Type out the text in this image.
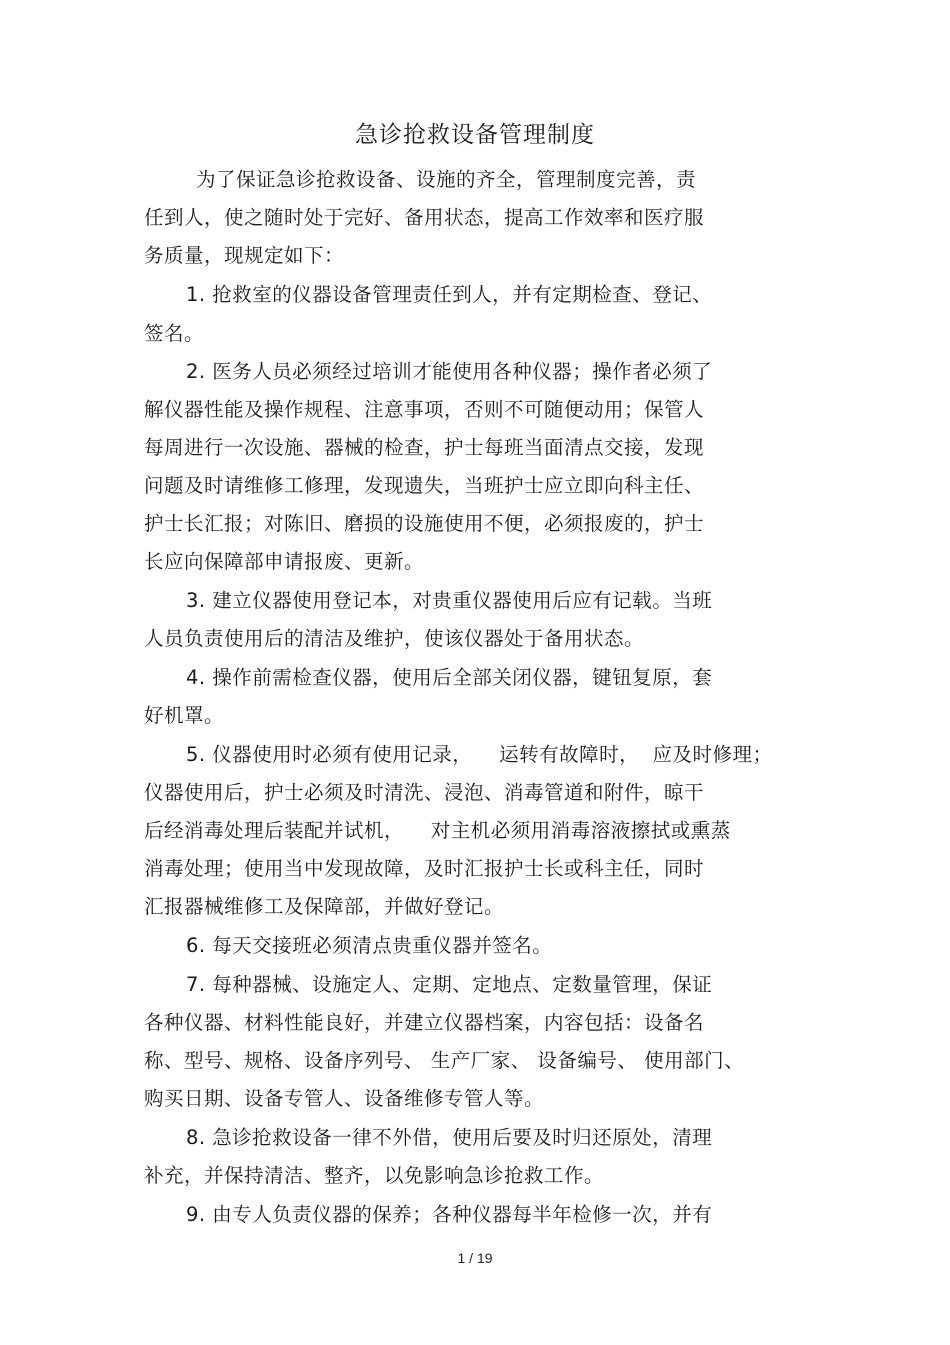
急诊抢救设备管理制度
为了保证急诊抢救设备、设施的齐全，管理制度完善，责
任到人，使之随时处于完好、备用状态，提高工作效率和医疗服
务质量，现规定如下：
1. 抢救室的仪器设备管理责任到人，并有定期检查、登记、
签名。
2. 医务人员必须经过培训才能使用各种仪器；操作者必须了
解仪器性能及操作规程、注意事项，否则不可随便动用；保管人
每周进行一次设施、器械的检查，护士每班当面清点交接，发现
问题及时请维修工修理，发现遗失，当班护士应立即向科主任、
护士长汇报；对陈旧、磨损的设施使用不便，必须报废的，护士
长应向保障部申请报废、更新。
3. 建立仪器使用登记本，对贵重仪器使用后应有记载。当班
人员负责使用后的清洁及维护，使该仪器处于备用状态。
4. 操作前需检查仪器，使用后全部关闭仪器，键钮复原，套
好机罩。
5. 仪器使用时必须有使用记录，    运转有故障时，  应及时修理；
仪器使用后，护士必须及时清洗、浸泡、消毒管道和附件，晾干
后经消毒处理后装配并试机，    对主机必须用消毒溶液擦拭或熏蒸
消毒处理；使用当中发现故障，及时汇报护士长或科主任，同时
汇报器械维修工及保障部，并做好登记。
6. 每天交接班必须清点贵重仪器并签名。
7. 每种器械、设施定人、定期、定地点、定数量管理，保证
各种仪器、材料性能良好，并建立仪器档案，内容包括：设备名
称、型号、规格、设备序列号、 生产厂家、 设备编号、 使用部门、
购买日期、设备专管人、设备维修专管人等。
8. 急诊抢救设备一律不外借，使用后要及时归还原处，清理
补充，并保持清洁、整齐，以免影响急诊抢救工作。
9. 由专人负责仪器的保养；各种仪器每半年检修一次，并有
1 / 19
